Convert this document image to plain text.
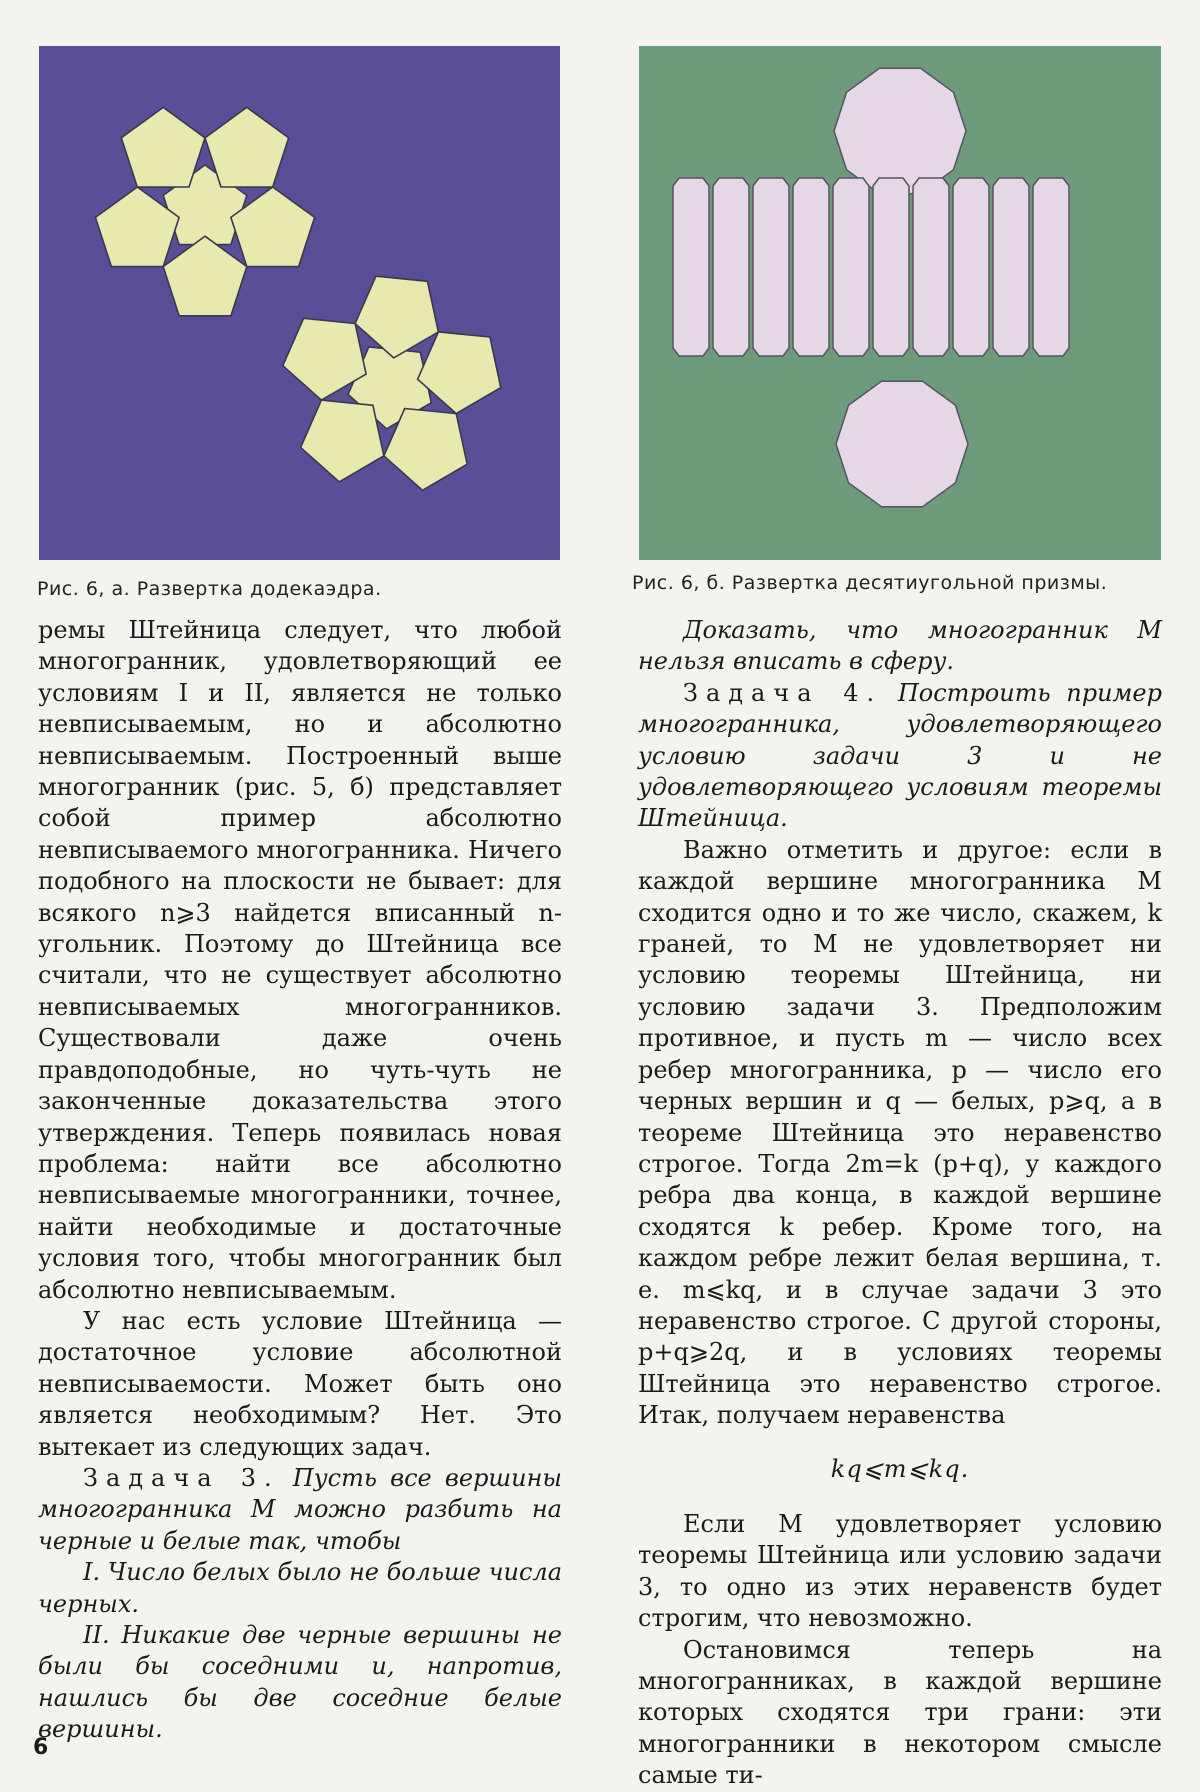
Рис. 6, а. Развертка додекаэдра.	Рис. 6, б. Развертка десятиугольной призмы.

ремы Штейница следует, что любой многогранник, удовлетворяющий ее условиям I и II, является не только невписываемым, но и абсолютно невписываемым. Построенный выше многогранник (рис. 5, б) представляет собой пример абсолютно невписываемого многогранника. Ничего подобного на плоскости не бывает: для всякого n⩾3 найдется вписанный n-угольник. Поэтому до Штейница все считали, что не существует абсолютно невписываемых многогранников. Существовали даже очень правдоподобные, но чуть-чуть не законченные доказательства этого утверждения. Теперь появилась новая проблема: найти все абсолютно невписываемые многогранники, точнее, найти необходимые и достаточные условия того, чтобы многогранник был абсолютно невписываемым.

У нас есть условие Штейница — достаточное условие абсолютной невписываемости. Может быть оно является необходимым? Нет. Это вытекает из следующих задач.

Задача 3. Пусть все вершины многогранника M можно разбить на черные и белые так, чтобы

I. Число белых было не больше числа черных.

II. Никакие две черные вершины не были бы соседними и, напротив, нашлись бы две соседние белые вершины.

Доказать, что многогранник M нельзя вписать в сферу.

Задача 4. Построить пример многогранника, удовлетворяющего условию задачи 3 и не удовлетворяющего условиям теоремы Штейница.

Важно отметить и другое: если в каждой вершине многогранника M сходится одно и то же число, скажем, k граней, то M не удовлетворяет ни условию теоремы Штейница, ни условию задачи 3. Предположим противное, и пусть m — число всех ребер многогранника, p — число его черных вершин и q — белых, p⩾q, а в теореме Штейница это неравенство строгое. Тогда 2m=k (p+q), у каждого ребра два конца, в каждой вершине сходятся k ребер. Кроме того, на каждом ребре лежит белая вершина, т. е. m⩽kq, и в случае задачи 3 это неравенство строгое. С другой стороны, p+q⩾2q, и в условиях теоремы Штейница это неравенство строгое. Итак, получаем неравенства

kq⩽m⩽kq.

Если M удовлетворяет условию теоремы Штейница или условию задачи 3, то одно из этих неравенств будет строгим, что невозможно.

Остановимся теперь на многогранниках, в каждой вершине которых сходятся три грани: эти многогранники в некотором смысле самые ти-

6
